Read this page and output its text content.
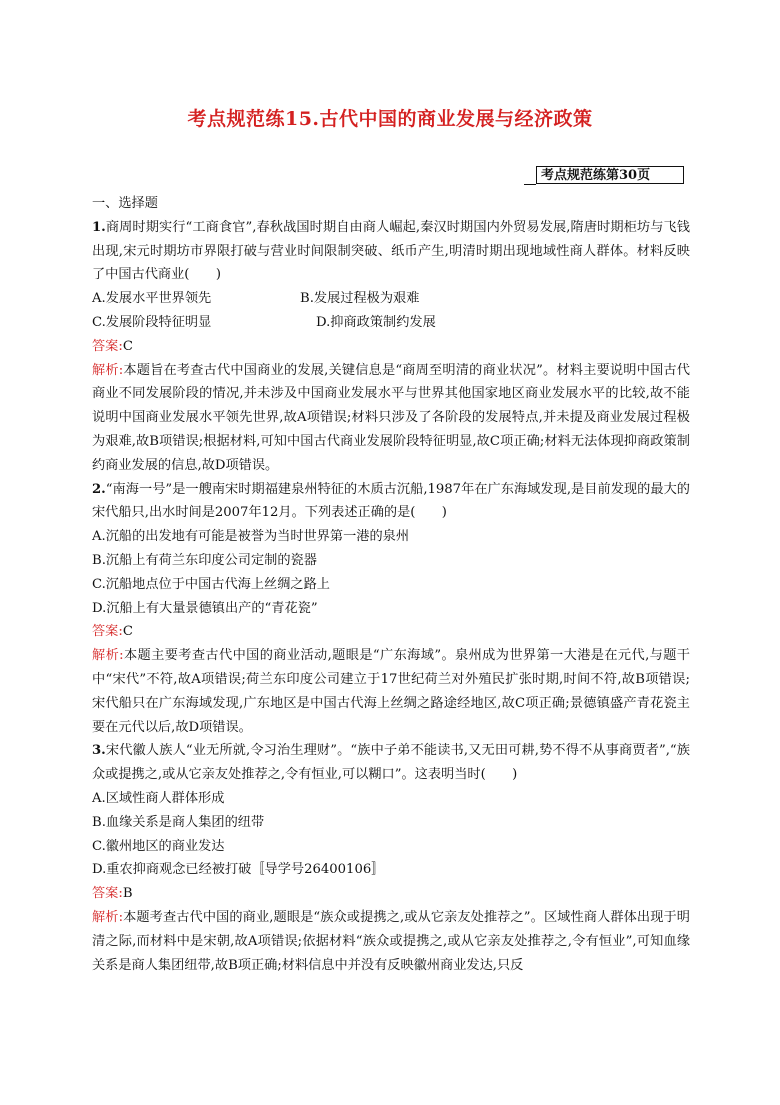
考点规范练15.古代中国的商业发展与经济政策
考点规范练第30页

一、选择题

1.商周时期实行“工商食官”,春秋战国时期自由商人崛起,秦汉时期国内外贸易发展,隋唐时期柜坊与飞钱出现,宋元时期坊市界限打破与营业时间限制突破、纸币产生,明清时期出现地域性商人群体。材料反映了中国古代商业(　　)

A.发展水平世界领先	B.发展过程极为艰难
C.发展阶段特征明显	D.抑商政策制约发展

答案:C

解析:本题旨在考查古代中国商业的发展,关键信息是“商周至明清的商业状况”。材料主要说明中国古代商业不同发展阶段的情况,并未涉及中国商业发展水平与世界其他国家地区商业发展水平的比较,故不能说明中国商业发展水平领先世界,故A项错误;材料只涉及了各阶段的发展特点,并未提及商业发展过程极为艰难,故B项错误;根据材料,可知中国古代商业发展阶段特征明显,故C项正确;材料无法体现抑商政策制约商业发展的信息,故D项错误。

2.“南海一号”是一艘南宋时期福建泉州特征的木质古沉船,1987年在广东海域发现,是目前发现的最大的宋代船只,出水时间是2007年12月。下列表述正确的是(　　)

A.沉船的出发地有可能是被誉为当时世界第一港的泉州

B.沉船上有荷兰东印度公司定制的瓷器

C.沉船地点位于中国古代海上丝绸之路上

D.沉船上有大量景德镇出产的“青花瓷”

答案:C

解析:本题主要考查古代中国的商业活动,题眼是“广东海域”。泉州成为世界第一大港是在元代,与题干中“宋代”不符,故A项错误;荷兰东印度公司建立于17世纪荷兰对外殖民扩张时期,时间不符,故B项错误;宋代船只在广东海域发现,广东地区是中国古代海上丝绸之路途经地区,故C项正确;景德镇盛产青花瓷主要在元代以后,故D项错误。

3.宋代徽人族人“业无所就,令习治生理财”。“族中子弟不能读书,又无田可耕,势不得不从事商贾者”,“族众或提携之,或从它亲友处推荐之,令有恒业,可以糊口”。这表明当时(　　)

A.区域性商人群体形成

B.血缘关系是商人集团的纽带

C.徽州地区的商业发达

D.重农抑商观念已经被打破〚导学号26400106〛

答案:B

解析:本题考查古代中国的商业,题眼是“族众或提携之,或从它亲友处推荐之”。区域性商人群体出现于明清之际,而材料中是宋朝,故A项错误;依据材料“族众或提携之,或从它亲友处推荐之,令有恒业”,可知血缘关系是商人集团纽带,故B项正确;材料信息中并没有反映徽州商业发达,只反
